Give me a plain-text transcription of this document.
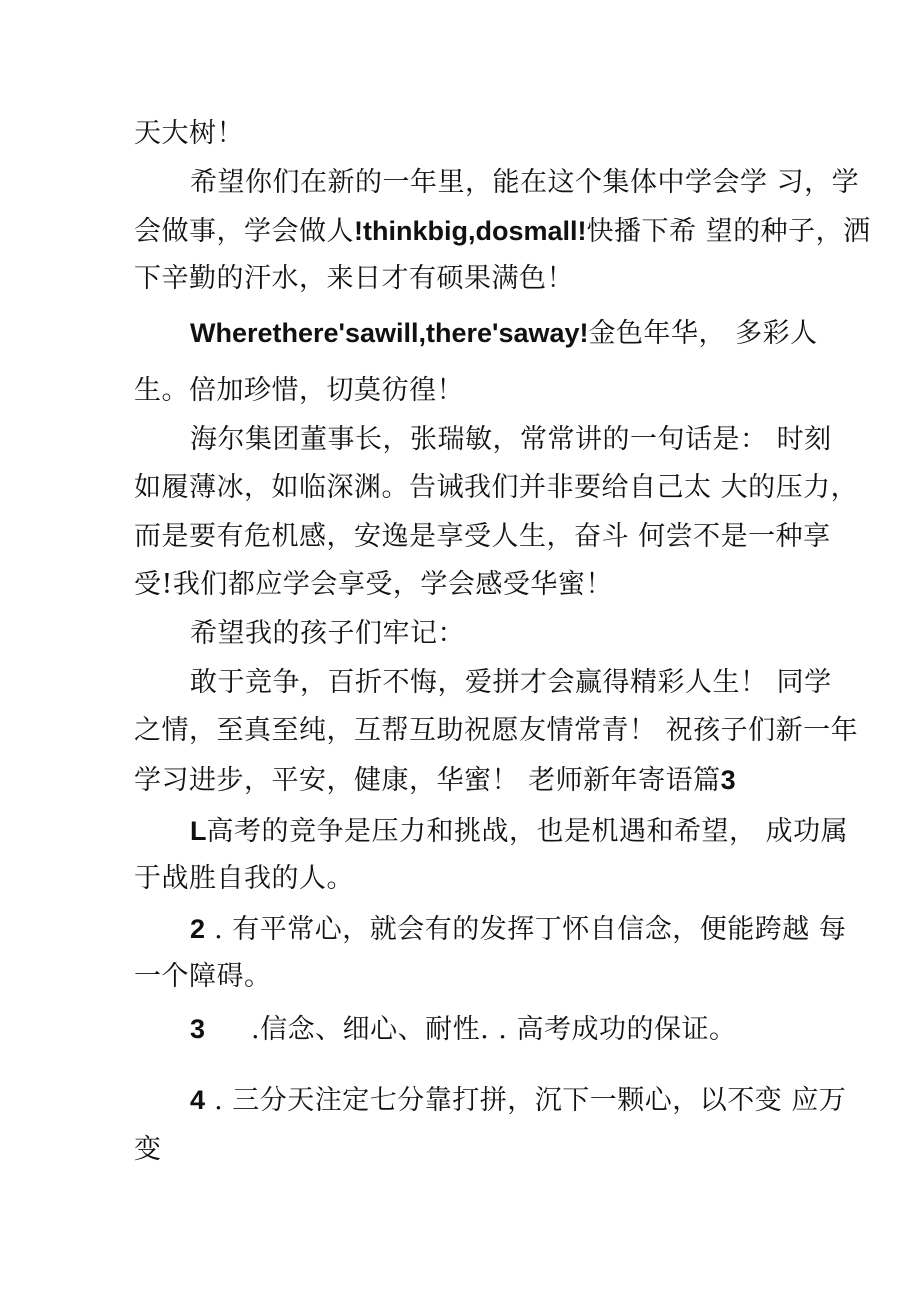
天大树！
希望你们在新的一年里，能在这个集体中学会学 习，学
会做事，学会做人!thinkbig,dosmall!快播下希 望的种子，洒
下辛勤的汗水，来日才有硕果满色！
Wherethere'sawill,there'saway!金色年华， 多彩人
生。倍加珍惜，切莫彷徨！
海尔集团董事长，张瑞敏，常常讲的一句话是： 时刻
如履薄冰，如临深渊。告诫我们并非要给自己太 大的压力，
而是要有危机感，安逸是享受人生，奋斗 何尝不是一种享
受!我们都应学会享受，学会感受华蜜！
希望我的孩子们牢记：
敢于竞争，百折不悔，爱拼才会赢得精彩人生！ 同学
之情，至真至纯，互帮互助祝愿友情常青！ 祝孩子们新一年
学习进步，平安，健康，华蜜！ 老师新年寄语篇3
L高考的竞争是压力和挑战，也是机遇和希望， 成功属
于战胜自我的人。
2 . 有平常心，就会有的发挥丁怀自信念，便能跨越 每
一个障碍。
3 .信念、细心、耐性. . 高考成功的保证。
4 . 三分天注定七分靠打拼，沉下一颗心，以不变 应万
变
